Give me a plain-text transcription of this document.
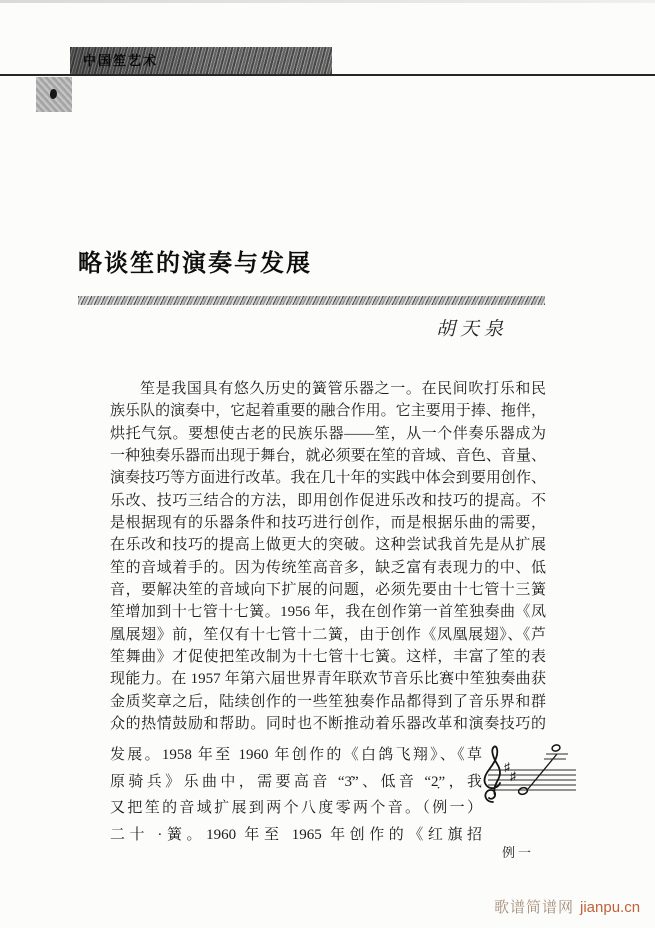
中国笙艺术
略谈笙的演奏与发展
胡天泉
笙是我国具有悠久历史的簧管乐器之一。在民间吹打乐和民
族乐队的演奏中，它起着重要的融合作用。它主要用于捧、拖伴，
烘托气氛。要想使古老的民族乐器——笙，从一个伴奏乐器成为
一种独奏乐器而出现于舞台，就必须要在笙的音域、音色、音量、
演奏技巧等方面进行改革。我在几十年的实践中体会到要用创作、
乐改、技巧三结合的方法，即用创作促进乐改和技巧的提高。不
是根据现有的乐器条件和技巧进行创作，而是根据乐曲的需要，
在乐改和技巧的提高上做更大的突破。这种尝试我首先是从扩展
笙的音域着手的。因为传统笙高音多，缺乏富有表现力的中、低
音，要解决笙的音域向下扩展的问题，必须先要由十七管十三簧
笙增加到十七管十七簧。1956 年，我在创作第一首笙独奏曲《凤
凰展翅》前，笙仅有十七管十二簧，由于创作《凤凰展翅》、《芦
笙舞曲》才促使把笙改制为十七管十七簧。这样，丰富了笙的表
现能力。在 1957 年第六届世界青年联欢节音乐比赛中笙独奏曲获
金质奖章之后，陆续创作的一些笙独奏作品都得到了音乐界和群
众的热情鼓励和帮助。同时也不断推动着乐器改革和演奏技巧的
发展。1958 年至 1960 年创作的《白鸽飞翔》、《草
原骑兵》乐曲中，需要高音 “3̇”、低音 “2̣”，我
又把笙的音域扩展到两个八度零两个音。（例一）
二十 ·簧。1960 年至 1965 年创作的《红旗招
♯
♯
例一
歌谱简谱网 jianpu.cn
